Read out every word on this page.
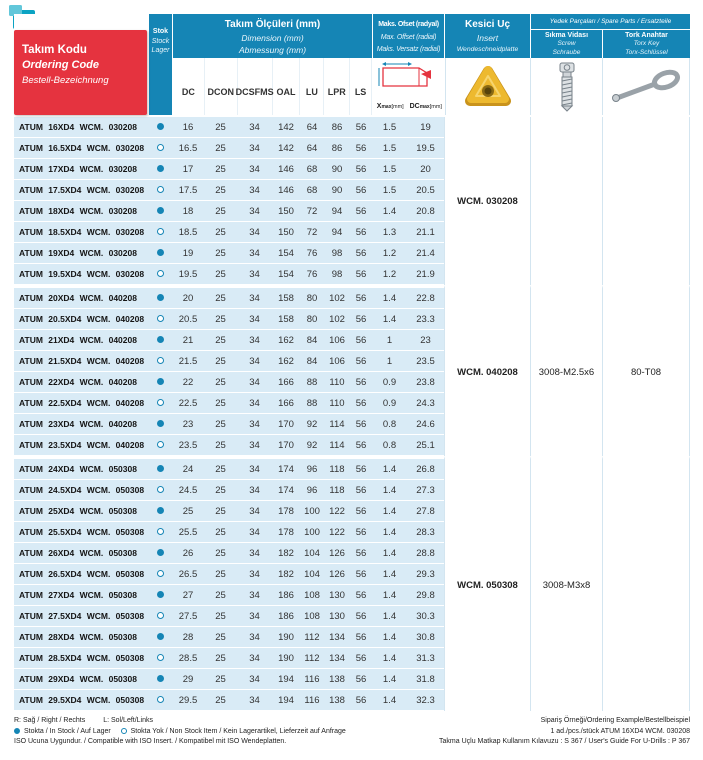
Takım Kodu
Ordering Code
Bestell-Bezeichnung
Stok
Stock
Lager
Takım Ölçüleri (mm)
Dimension (mm)
Abmessung (mm)
DC	DCON DCSFMS OAL	LU	LPR	LS
Maks. Ofset (radyal)
Max. Offset (radial)
Maks. Versatz (radial)
X max [mm] DC max [mm]
Kesici Uç
Insert
Wendeschneidplatte
Yedek Parçaları / Spare Parts / Ersatzteile
Sıkma Vidası
Screw
Schraube
Tork Anahtar
Torx Key
Torx-Schlüssel
ATUM 16XD4 WCM. 030208		16	25	34	142	64	86	56	1.5	19	WCM. 030208		
ATUM 16.5XD4 WCM. 030208		16.5	25	34	142	64	86	56	1.5	19.5			
ATUM 17XD4 WCM. 030208		17	25	34	146	68	90	56	1.5	20			
ATUM 17.5XD4 WCM. 030208		17.5	25	34	146	68	90	56	1.5	20.5			
ATUM 18XD4 WCM. 030208		18	25	34	150	72	94	56	1.4	20.8			
ATUM 18.5XD4 WCM. 030208		18.5	25	34	150	72	94	56	1.3	21.1			
ATUM 19XD4 WCM. 030208		19	25	34	154	76	98	56	1.2	21.4			
ATUM 19.5XD4 WCM. 030208		19.5	25	34	154	76	98	56	1.2	21.9			
ATUM 20XD4 WCM. 040208		20	25	34	158	80	102	56	1.4	22.8	WCM. 040208	3008-M2.5x6	80-T08
ATUM 20.5XD4 WCM. 040208		20.5	25	34	158	80	102	56	1.4	23.3			
ATUM 21XD4 WCM. 040208		21	25	34	162	84	106	56	1	23			
ATUM 21.5XD4 WCM. 040208		21.5	25	34	162	84	106	56	1	23.5			
ATUM 22XD4 WCM. 040208		22	25	34	166	88	110	56	0.9	23.8			
ATUM 22.5XD4 WCM. 040208		22.5	25	34	166	88	110	56	0.9	24.3			
ATUM 23XD4 WCM. 040208		23	25	34	170	92	114	56	0.8	24.6			
ATUM 23.5XD4 WCM. 040208		23.5	25	34	170	92	114	56	0.8	25.1			
ATUM 24XD4 WCM. 050308		24	25	34	174	96	118	56	1.4	26.8	WCM. 050308	3008-M3x8	
ATUM 24.5XD4 WCM. 050308		24.5	25	34	174	96	118	56	1.4	27.3			
ATUM 25XD4 WCM. 050308		25	25	34	178	100	122	56	1.4	27.8			
ATUM 25.5XD4 WCM. 050308		25.5	25	34	178	100	122	56	1.4	28.3			
ATUM 26XD4 WCM. 050308		26	25	34	182	104	126	56	1.4	28.8			
ATUM 26.5XD4 WCM. 050308		26.5	25	34	182	104	126	56	1.4	29.3			
ATUM 27XD4 WCM. 050308		27	25	34	186	108	130	56	1.4	29.8			
ATUM 27.5XD4 WCM. 050308		27.5	25	34	186	108	130	56	1.4	30.3			
ATUM 28XD4 WCM. 050308		28	25	34	190	112	134	56	1.4	30.8			
ATUM 28.5XD4 WCM. 050308		28.5	25	34	190	112	134	56	1.4	31.3			
ATUM 29XD4 WCM. 050308		29	25	34	194	116	138	56	1.4	31.8			
ATUM 29.5XD4 WCM. 050308		29.5	25	34	194	116	138	56	1.4	32.3			
R: Sağ / Right / Rechts	L: Sol/Left/Links
Stokta / In Stock / Auf Lager	Stokta Yok / Non Stock Item / Kein Lagerartikel, Lieferzeit auf Anfrage
ISO Ucuna Uygundur. / Compatible with ISO Insert. / Kompatibel mit ISO Wendeplatten.
Sipariş Örneği/Ordering Example/Bestellbeispiel
1 ad./pcs./stück ATUM 16XD4 WCM. 030208
Takma Uçlu Matkap Kullanım Kılavuzu : S 367 / User's Guide For U-Drills : P 367
